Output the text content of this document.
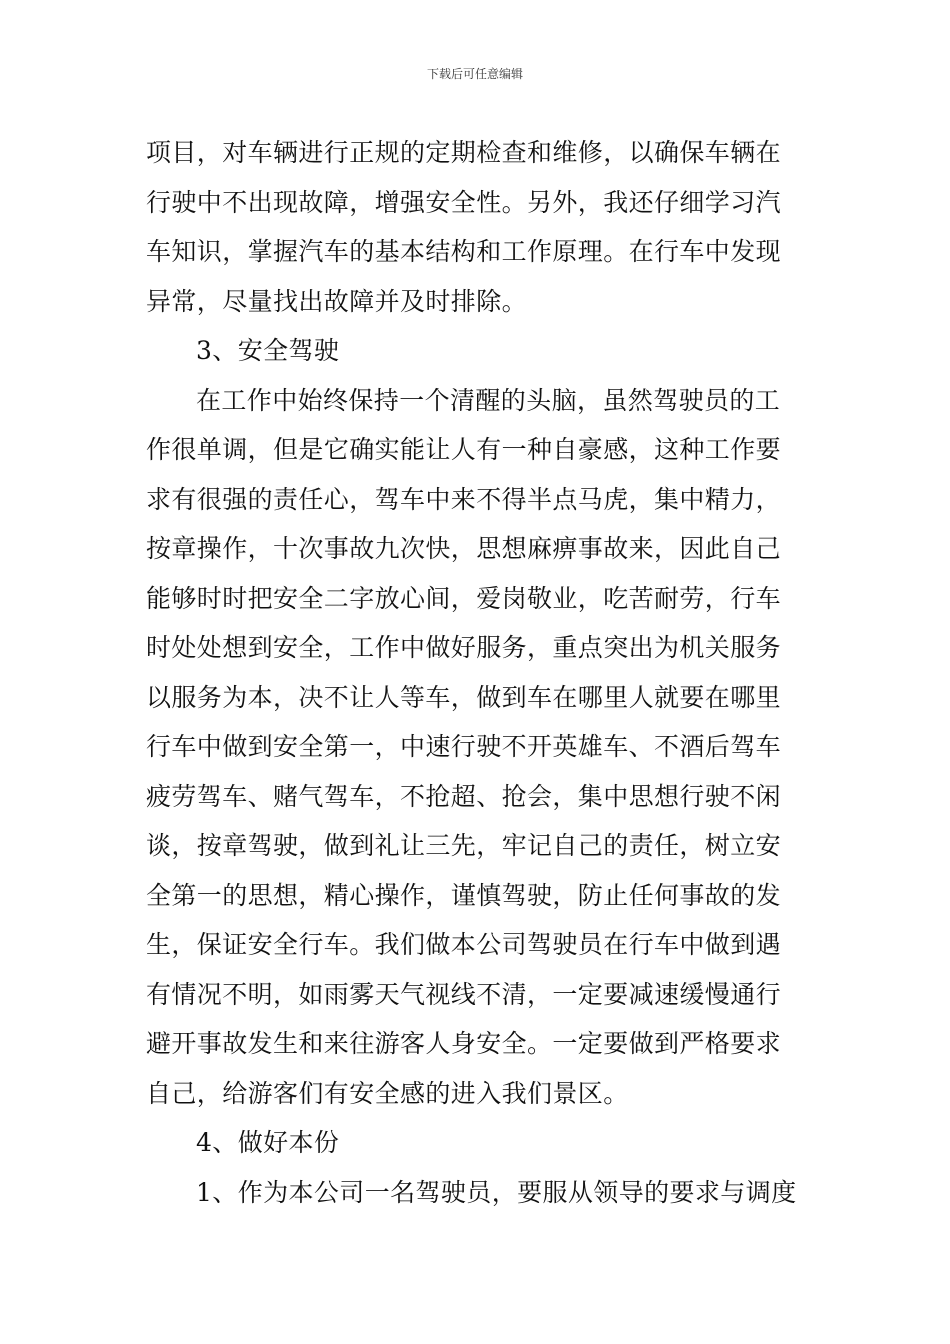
下载后可任意编辑
项目，对车辆进行正规的定期检查和维修，以确保车辆在
行驶中不出现故障，增强安全性。另外，我还仔细学习汽
车知识，掌握汽车的基本结构和工作原理。在行车中发现
异常，尽量找出故障并及时排除。
3、安全驾驶
在工作中始终保持一个清醒的头脑，虽然驾驶员的工
作很单调，但是它确实能让人有一种自豪感，这种工作要
求有很强的责任心，驾车中来不得半点马虎，集中精力，
按章操作，十次事故九次快，思想麻痹事故来，因此自己
能够时时把安全二字放心间，爱岗敬业，吃苦耐劳，行车
时处处想到安全，工作中做好服务，重点突出为机关服务
以服务为本，决不让人等车，做到车在哪里人就要在哪里
行车中做到安全第一，中速行驶不开英雄车、不酒后驾车
疲劳驾车、赌气驾车，不抢超、抢会，集中思想行驶不闲
谈，按章驾驶，做到礼让三先，牢记自己的责任，树立安
全第一的思想，精心操作，谨慎驾驶，防止任何事故的发
生，保证安全行车。我们做本公司驾驶员在行车中做到遇
有情况不明，如雨雾天气视线不清，一定要减速缓慢通行
避开事故发生和来往游客人身安全。一定要做到严格要求
自己，给游客们有安全感的进入我们景区。
4、做好本份
1、作为本公司一名驾驶员，要服从领导的要求与调度
